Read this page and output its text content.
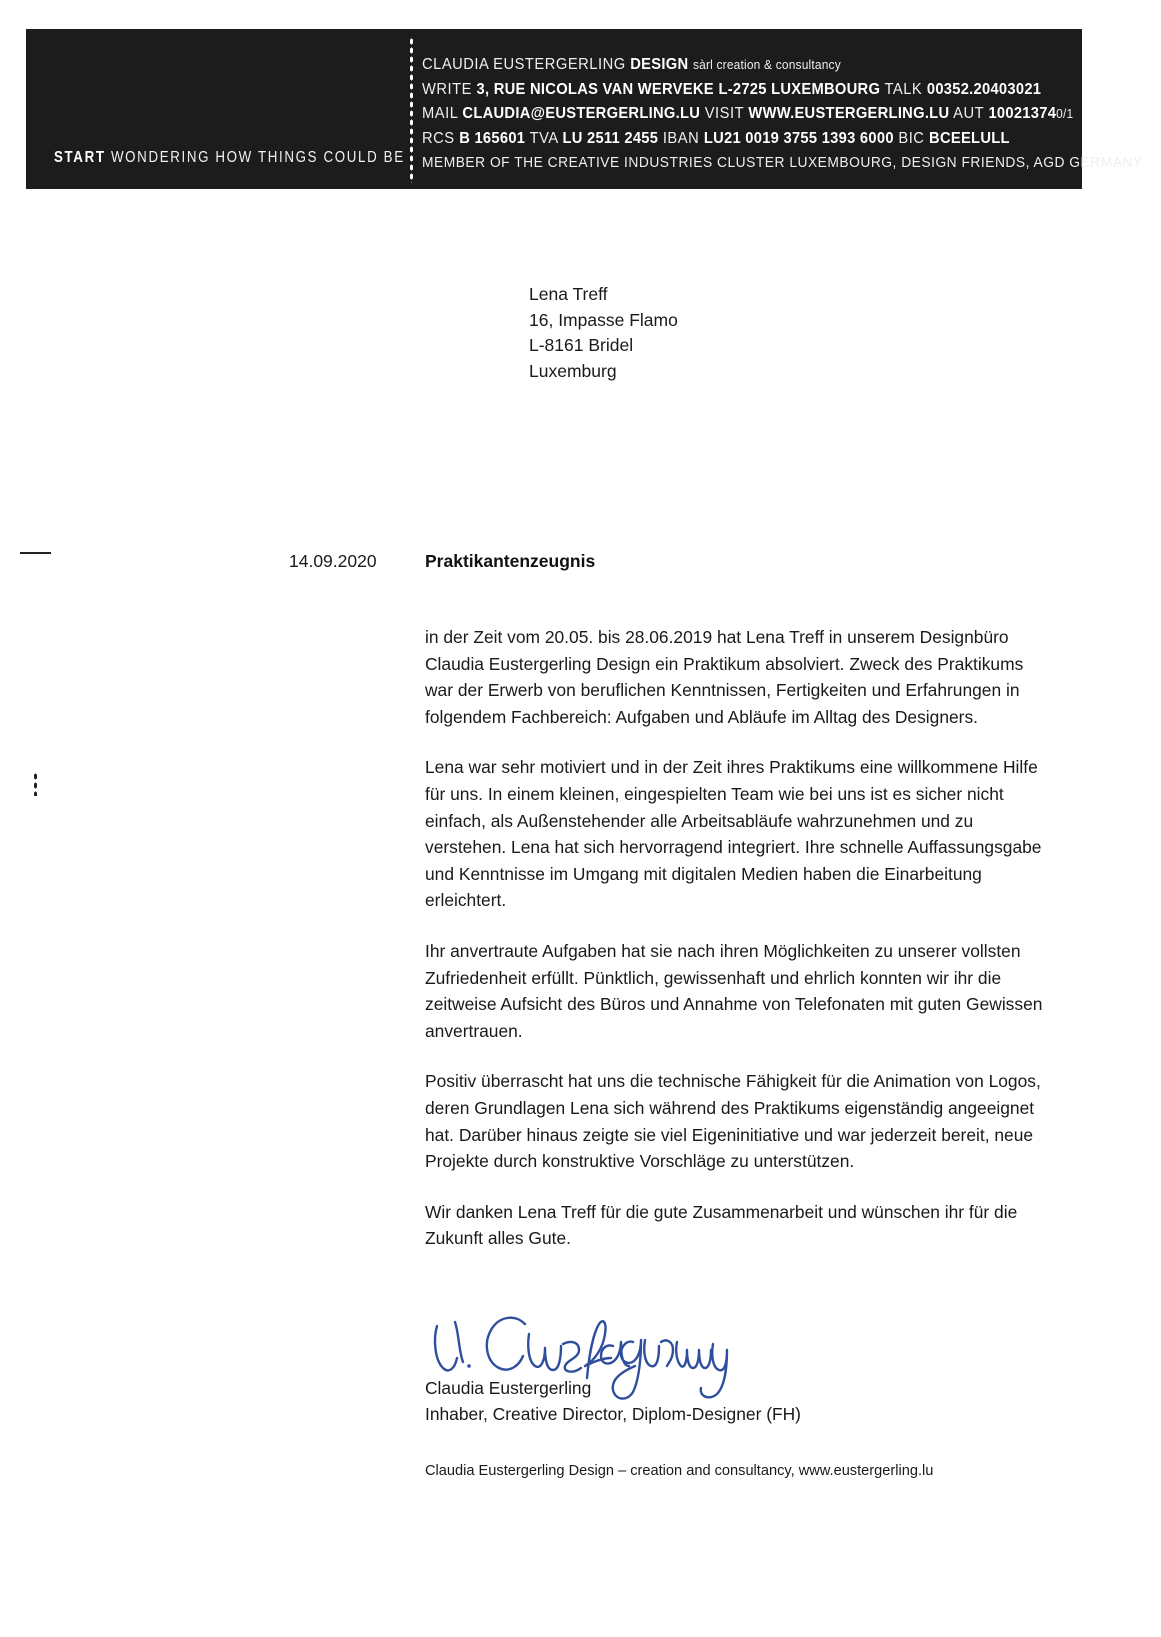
START WONDERING HOW THINGS COULD BE
CLAUDIA EUSTERGERLING DESIGN sàrl creation & consultancy
WRITE 3, RUE NICOLAS VAN WERVEKE L-2725 LUXEMBOURG TALK 00352.20403021
MAIL CLAUDIA@EUSTERGERLING.LU VISIT WWW.EUSTERGERLING.LU AUT 100213740/1
RCS B 165601 TVA LU 2511 2455 IBAN LU21 0019 3755 1393 6000 BIC BCEELULL
MEMBER OF THE CREATIVE INDUSTRIES CLUSTER LUXEMBOURG, DESIGN FRIENDS, AGD GERMANY
Lena Treff
16, Impasse Flamo
L-8161 Bridel
Luxemburg
14.09.2020	Praktikantenzeugnis

in der Zeit vom 20.05. bis 28.06.2019 hat Lena Treff in unserem Designbüro Claudia Eustergerling Design ein Praktikum absolviert. Zweck des Praktikums war der Erwerb von beruflichen Kenntnissen, Fertigkeiten und Erfahrungen in folgendem Fachbereich: Aufgaben und Abläufe im Alltag des Designers.

Lena war sehr motiviert und in der Zeit ihres Praktikums eine willkommene Hilfe für uns. In einem kleinen, eingespielten Team wie bei uns ist es sicher nicht einfach, als Außenstehender alle Arbeitsabläufe wahrzunehmen und zu verstehen. Lena hat sich hervorragend integriert. Ihre schnelle Auffassungsgabe und Kenntnisse im Umgang mit digitalen Medien haben die Einarbeitung erleichtert.

Ihr anvertraute Aufgaben hat sie nach ihren Möglichkeiten zu unserer vollsten Zufriedenheit erfüllt. Pünktlich, gewissenhaft und ehrlich konnten wir ihr die zeitweise Aufsicht des Büros und Annahme von Telefonaten mit guten Gewissen anvertrauen.

Positiv überrascht hat uns die technische Fähigkeit für die Animation von Logos, deren Grundlagen Lena sich während des Praktikums eigenständig angeeignet hat. Darüber hinaus zeigte sie viel Eigeninitiative und war jederzeit bereit, neue Projekte durch konstruktive Vorschläge zu unterstützen.

Wir danken Lena Treff für die gute Zusammenarbeit und wünschen ihr für die Zukunft alles Gute.

Claudia Eustergerling
Inhaber, Creative Director, Diplom-Designer (FH)
Claudia Eustergerling Design – creation and consultancy, www.eustergerling.lu
